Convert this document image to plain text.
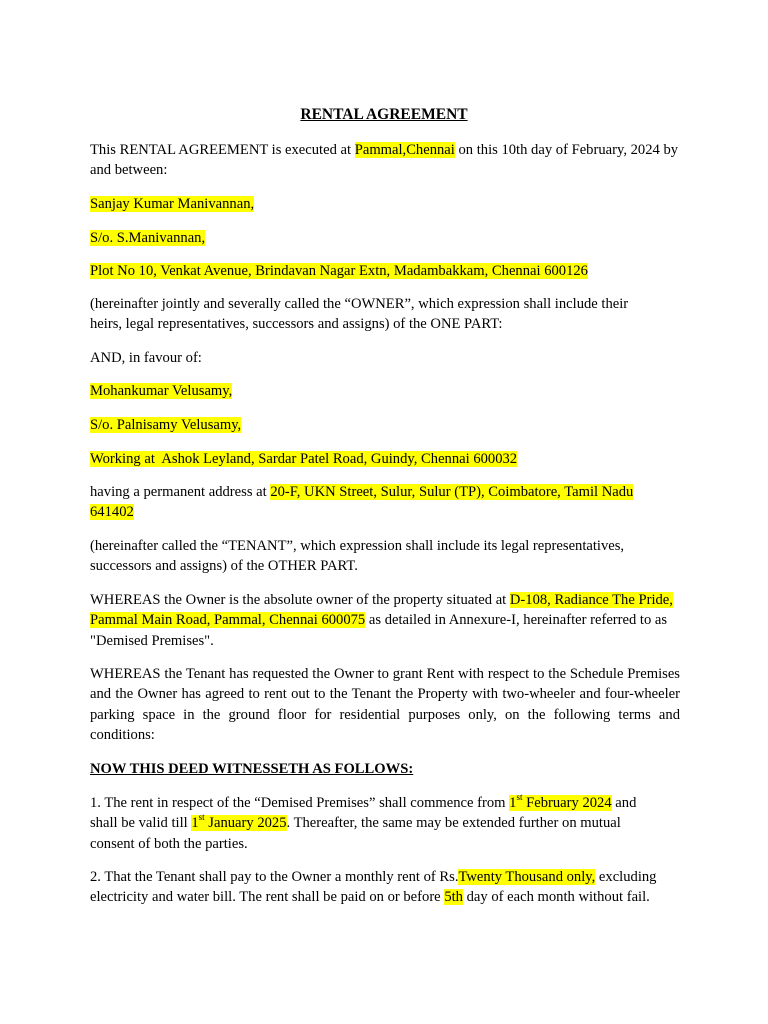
RENTAL AGREEMENT

This RENTAL AGREEMENT is executed at Pammal,Chennai on this 10th day of February, 2024 by and between:

Sanjay Kumar Manivannan,

S/o. S.Manivannan,

Plot No 10, Venkat Avenue, Brindavan Nagar Extn, Madambakkam, Chennai 600126

(hereinafter jointly and severally called the “OWNER”, which expression shall include their heirs, legal representatives, successors and assigns) of the ONE PART:

AND, in favour of:

Mohankumar Velusamy,

S/o. Palnisamy Velusamy,

Working at  Ashok Leyland, Sardar Patel Road, Guindy, Chennai 600032

having a permanent address at 20-F, UKN Street, Sulur, Sulur (TP), Coimbatore, Tamil Nadu 641402

(hereinafter called the “TENANT”, which expression shall include its legal representatives, successors and assigns) of the OTHER PART.

WHEREAS the Owner is the absolute owner of the property situated at D-108, Radiance The Pride, Pammal Main Road, Pammal, Chennai 600075 as detailed in Annexure-I, hereinafter referred to as "Demised Premises".

WHEREAS the Tenant has requested the Owner to grant Rent with respect to the Schedule Premises and the Owner has agreed to rent out to the Tenant the Property with two-wheeler and four-wheeler parking space in the ground floor for residential purposes only, on the following terms and conditions:

NOW THIS DEED WITNESSETH AS FOLLOWS:

1. The rent in respect of the “Demised Premises” shall commence from 1st February 2024 and shall be valid till 1st January 2025. Thereafter, the same may be extended further on mutual consent of both the parties.

2. That the Tenant shall pay to the Owner a monthly rent of Rs.Twenty Thousand only, excluding electricity and water bill. The rent shall be paid on or before 5th day of each month without fail.
